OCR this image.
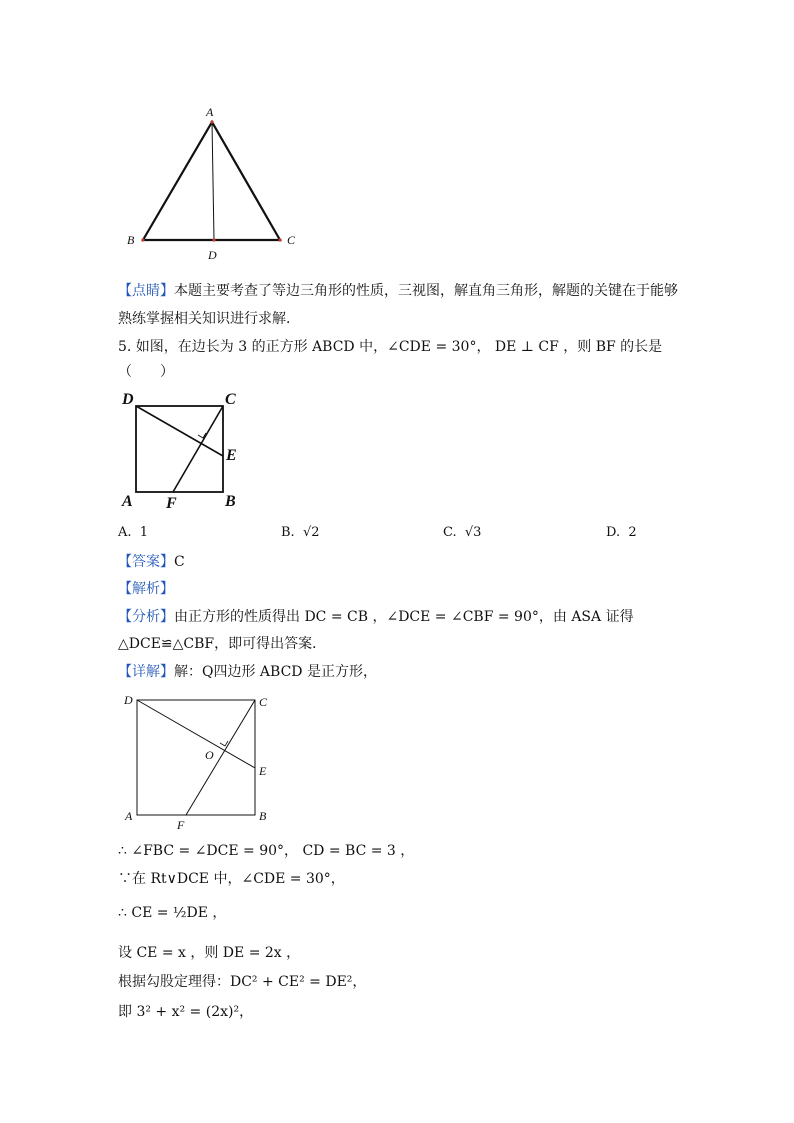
A
B	C
D
【点睛】本题主要考查了等边三角形的性质，三视图，解直角三角形，解题的关键在于能够
熟练掌握相关知识进行求解．
5. 如图，在边长为 3 的正方形 ABCD 中，∠CDE = 30°， DE ⊥ CF ，则 BF 的长是
（　　）
D	C
E
A F	B
A. 1	B. √2	C. √3	D. 2
【答案】C
【解析】
【分析】由正方形的性质得出 DC = CB ，∠DCE = ∠CBF = 90°，由 ASA 证得
△DCE≌△CBF，即可得出答案．
【详解】解：Q四边形 ABCD 是正方形，
D	C
O
E
A
F
B
∴ ∠FBC = ∠DCE = 90°， CD = BC = 3 ，
∵在 Rt∨DCE 中，∠CDE = 30°，
∴ CE = ½DE ，
设 CE = x ，则 DE = 2x ，
根据勾股定理得：DC² + CE² = DE²，
即 3² + x² = (2x)²，
